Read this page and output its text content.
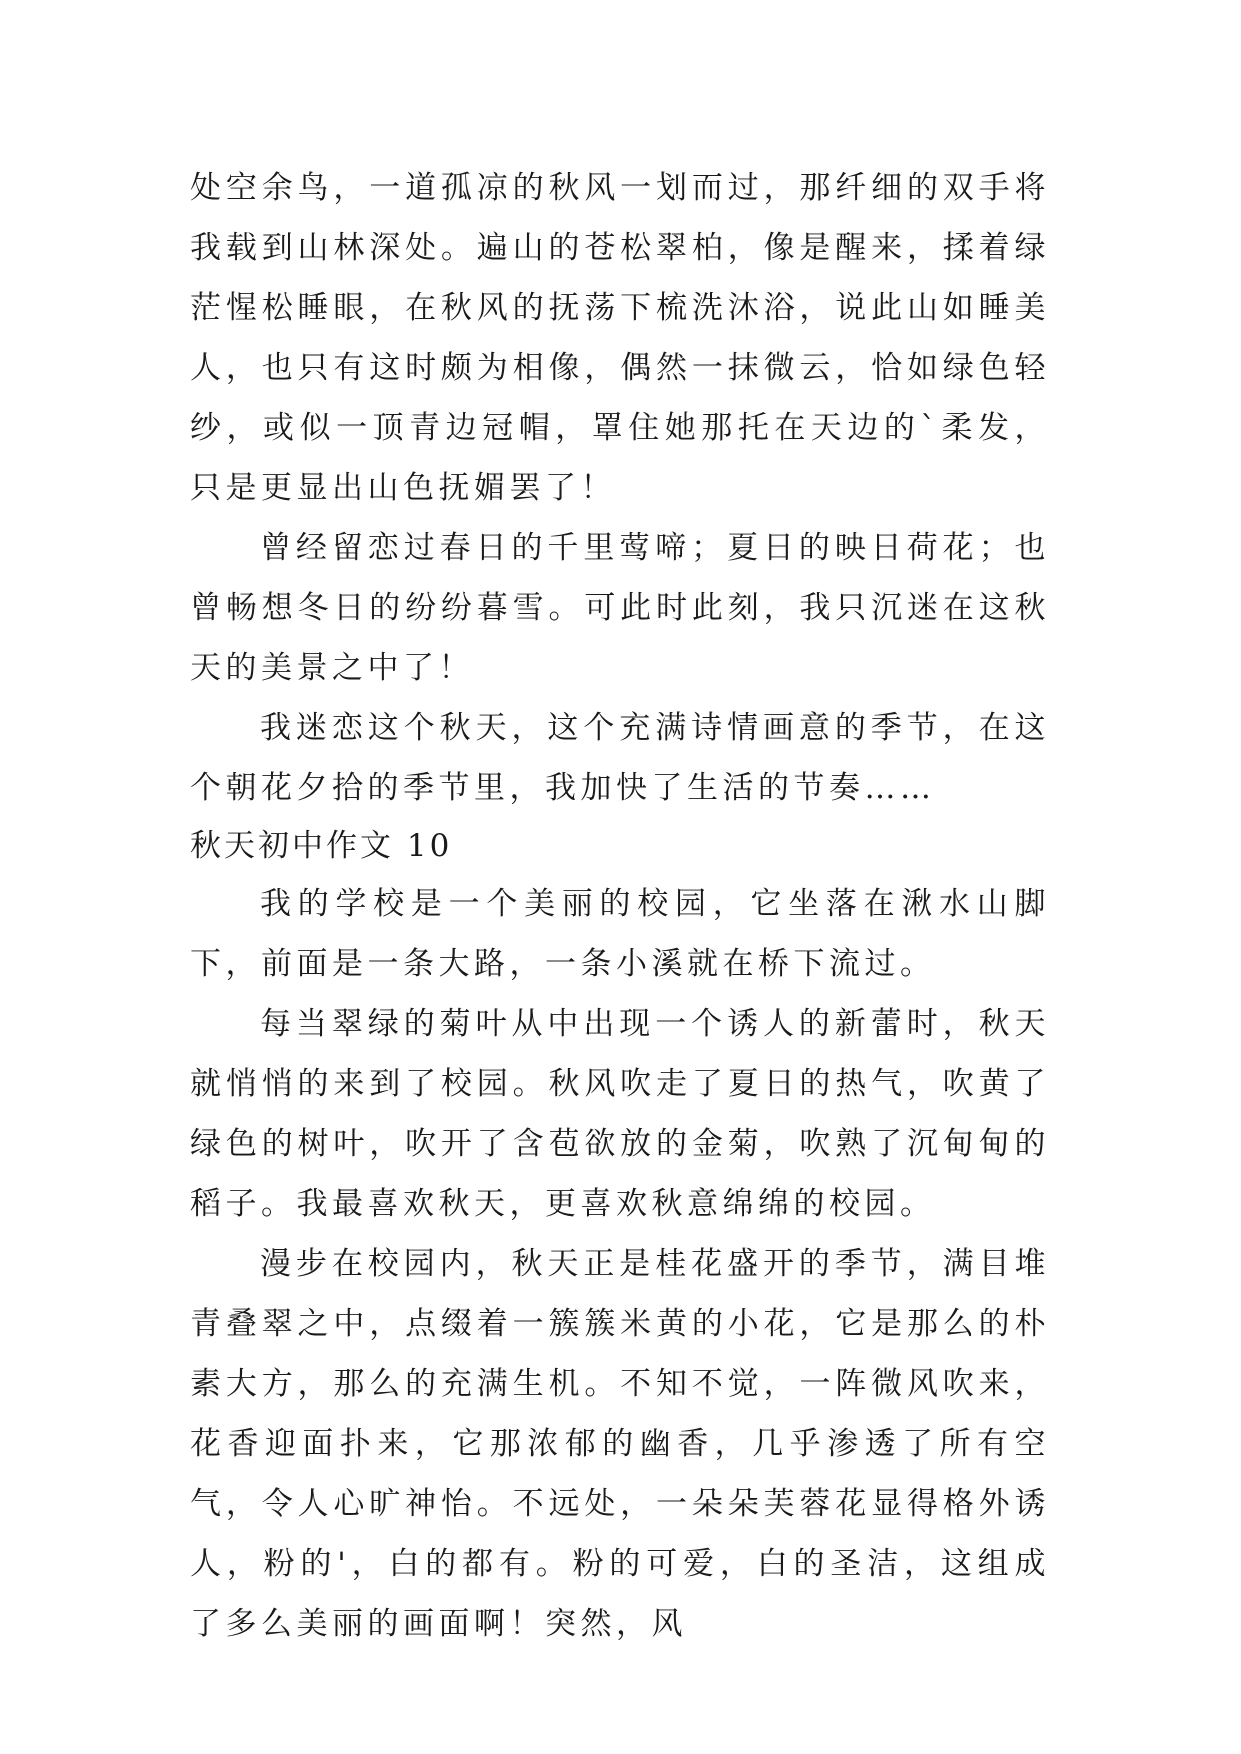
处空余鸟，一道孤凉的秋风一划而过，那纤细的双手将我载到山林深处。遍山的苍松翠柏，像是醒来，揉着绿茫惺松睡眼，在秋风的抚荡下梳洗沐浴，说此山如睡美人，也只有这时颇为相像，偶然一抹微云，恰如绿色轻纱，或似一顶青边冠帽，罩住她那托在天边的`柔发，只是更显出山色抚媚罢了！

曾经留恋过春日的千里莺啼；夏日的映日荷花；也曾畅想冬日的纷纷暮雪。可此时此刻，我只沉迷在这秋天的美景之中了！

我迷恋这个秋天，这个充满诗情画意的季节，在这个朝花夕拾的季节里，我加快了生活的节奏……

秋天初中作文 10

我的学校是一个美丽的校园，它坐落在湫水山脚下，前面是一条大路，一条小溪就在桥下流过。

每当翠绿的菊叶从中出现一个诱人的新蕾时，秋天就悄悄的来到了校园。秋风吹走了夏日的热气，吹黄了绿色的树叶，吹开了含苞欲放的金菊，吹熟了沉甸甸的稻子。我最喜欢秋天，更喜欢秋意绵绵的校园。

漫步在校园内，秋天正是桂花盛开的季节，满目堆青叠翠之中，点缀着一簇簇米黄的小花，它是那么的朴素大方，那么的充满生机。不知不觉，一阵微风吹来，花香迎面扑来，它那浓郁的幽香，几乎渗透了所有空气，令人心旷神怡。不远处，一朵朵芙蓉花显得格外诱人，粉的'，白的都有。粉的可爱，白的圣洁，这组成了多么美丽的画面啊！突然，风
